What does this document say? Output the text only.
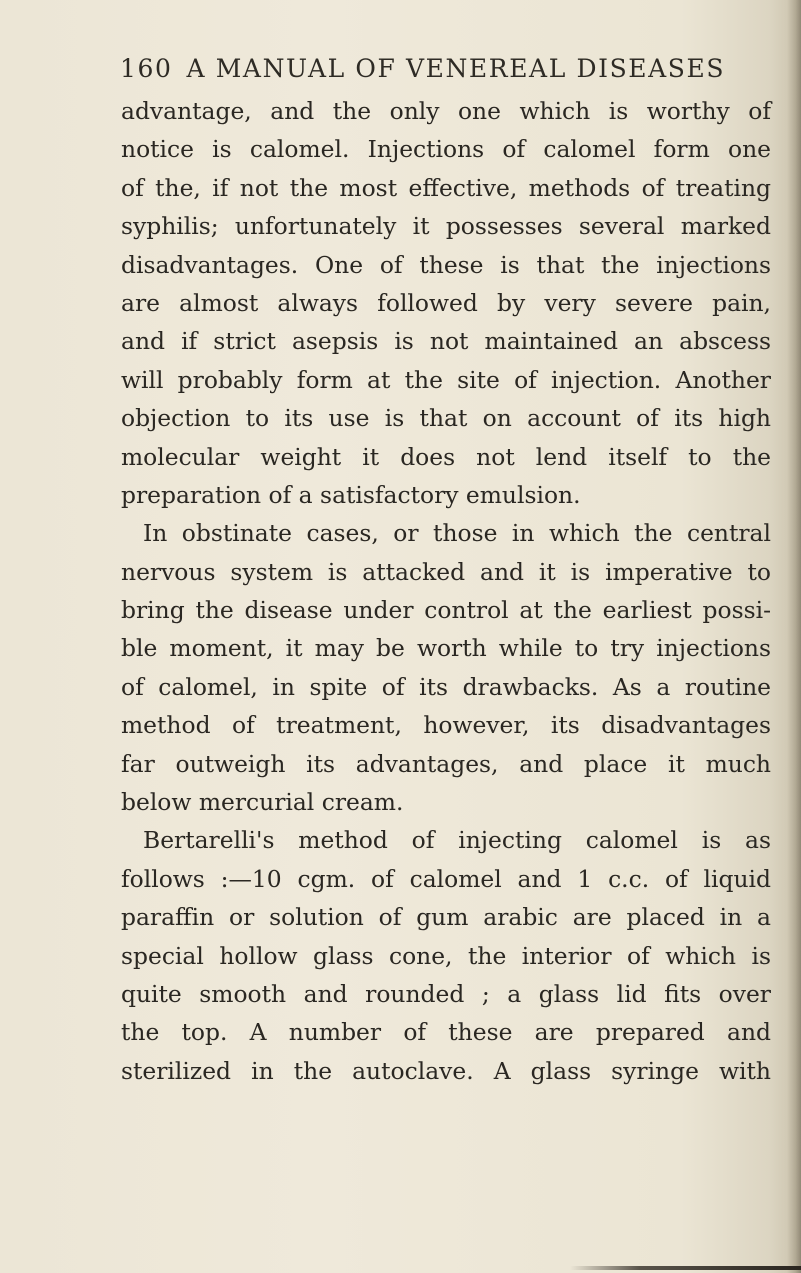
160 A MANUAL OF VENEREAL DISEASES
advantage, and the only one which is worthy of
notice is calomel. Injections of calomel form one
of the, if not the most effective, methods of treating
syphilis; unfortunately it possesses several marked
disadvantages. One of these is that the injections
are almost always followed by very severe pain,
and if strict asepsis is not maintained an abscess
will probably form at the site of injection. Another
objection to its use is that on account of its high
molecular weight it does not lend itself to the
preparation of a satisfactory emulsion.
In obstinate cases, or those in which the central
nervous system is attacked and it is imperative to
bring the disease under control at the earliest possi-
ble moment, it may be worth while to try injections
of calomel, in spite of its drawbacks. As a routine
method of treatment, however, its disadvantages
far outweigh its advantages, and place it much
below mercurial cream.
Bertarelli's method of injecting calomel is as
follows :—10 cgm. of calomel and 1 c.c. of liquid
paraffin or solution of gum arabic are placed in a
special hollow glass cone, the interior of which is
quite smooth and rounded ; a glass lid fits over
the top. A number of these are prepared and
sterilized in the autoclave. A glass syringe with
